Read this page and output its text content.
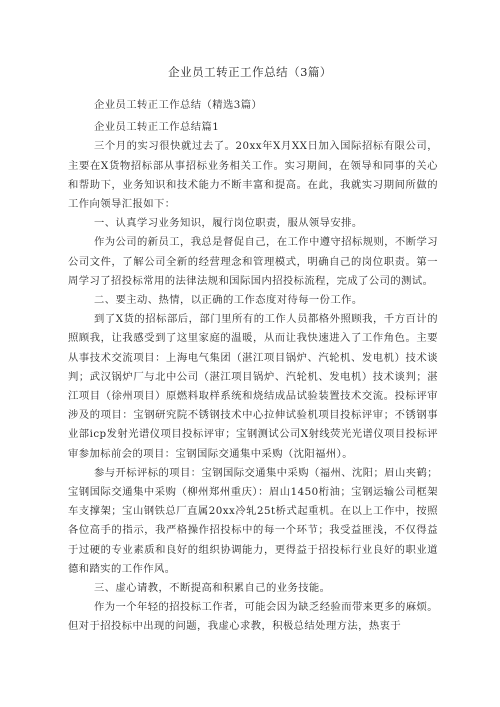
企业员工转正工作总结（3篇）

企业员工转正工作总结（精选3篇）

企业员工转正工作总结篇1

三个月的实习很快就过去了。20xx年X月XX日加入国际招标有限公司，主要在X货物招标部从事招标业务相关工作。实习期间，在领导和同事的关心和帮助下，业务知识和技术能力不断丰富和提高。在此，我就实习期间所做的工作向领导汇报如下：

一、认真学习业务知识，履行岗位职责，服从领导安排。

作为公司的新员工，我总是督促自己，在工作中遵守招标规则，不断学习公司文件，了解公司全新的经营理念和管理模式，明确自己的岗位职责。第一周学习了招投标常用的法律法规和国际国内招投标流程，完成了公司的测试。

二、要主动、热情，以正确的工作态度对待每一份工作。

到了X货的招标部后，部门里所有的工作人员都格外照顾我，千方百计的照顾我，让我感受到了这里家庭的温暖，从而让我快速进入了工作角色。主要从事技术交流项目：上海电气集团（湛江项目锅炉、汽轮机、发电机）技术谈判；武汉锅炉厂与北中公司（湛江项目锅炉、汽轮机、发电机）技术谈判；湛江项目（徐州项目）原燃料取样系统和烧结成品试验装置技术交流。投标评审涉及的项目：宝钢研究院不锈钢技术中心拉伸试验机项目投标评审；不锈钢事业部icp发射光谱仪项目投标评审；宝钢测试公司X射线荧光光谱仪项目投标评审参加标前会的项目：宝钢国际交通集中采购（沈阳福州）。

参与开标评标的项目：宝钢国际交通集中采购（福州、沈阳；眉山夹鹤；宝钢国际交通集中采购（柳州郑州重庆）：眉山1450桁油；宝钢运输公司框架车支撑架；宝山钢铁总厂直属20xx冷轧25t桥式起重机。在以上工作中，按照各位高手的指示，我严格操作招投标中的每一个环节；我受益匪浅，不仅得益于过硬的专业素质和良好的组织协调能力，更得益于招投标行业良好的职业道德和踏实的工作作风。

三、虚心请教，不断提高和积累自己的业务技能。

作为一个年轻的招投标工作者，可能会因为缺乏经验而带来更多的麻烦。但对于招投标中出现的问题，我虚心求教，积极总结处理方法，热衷于
